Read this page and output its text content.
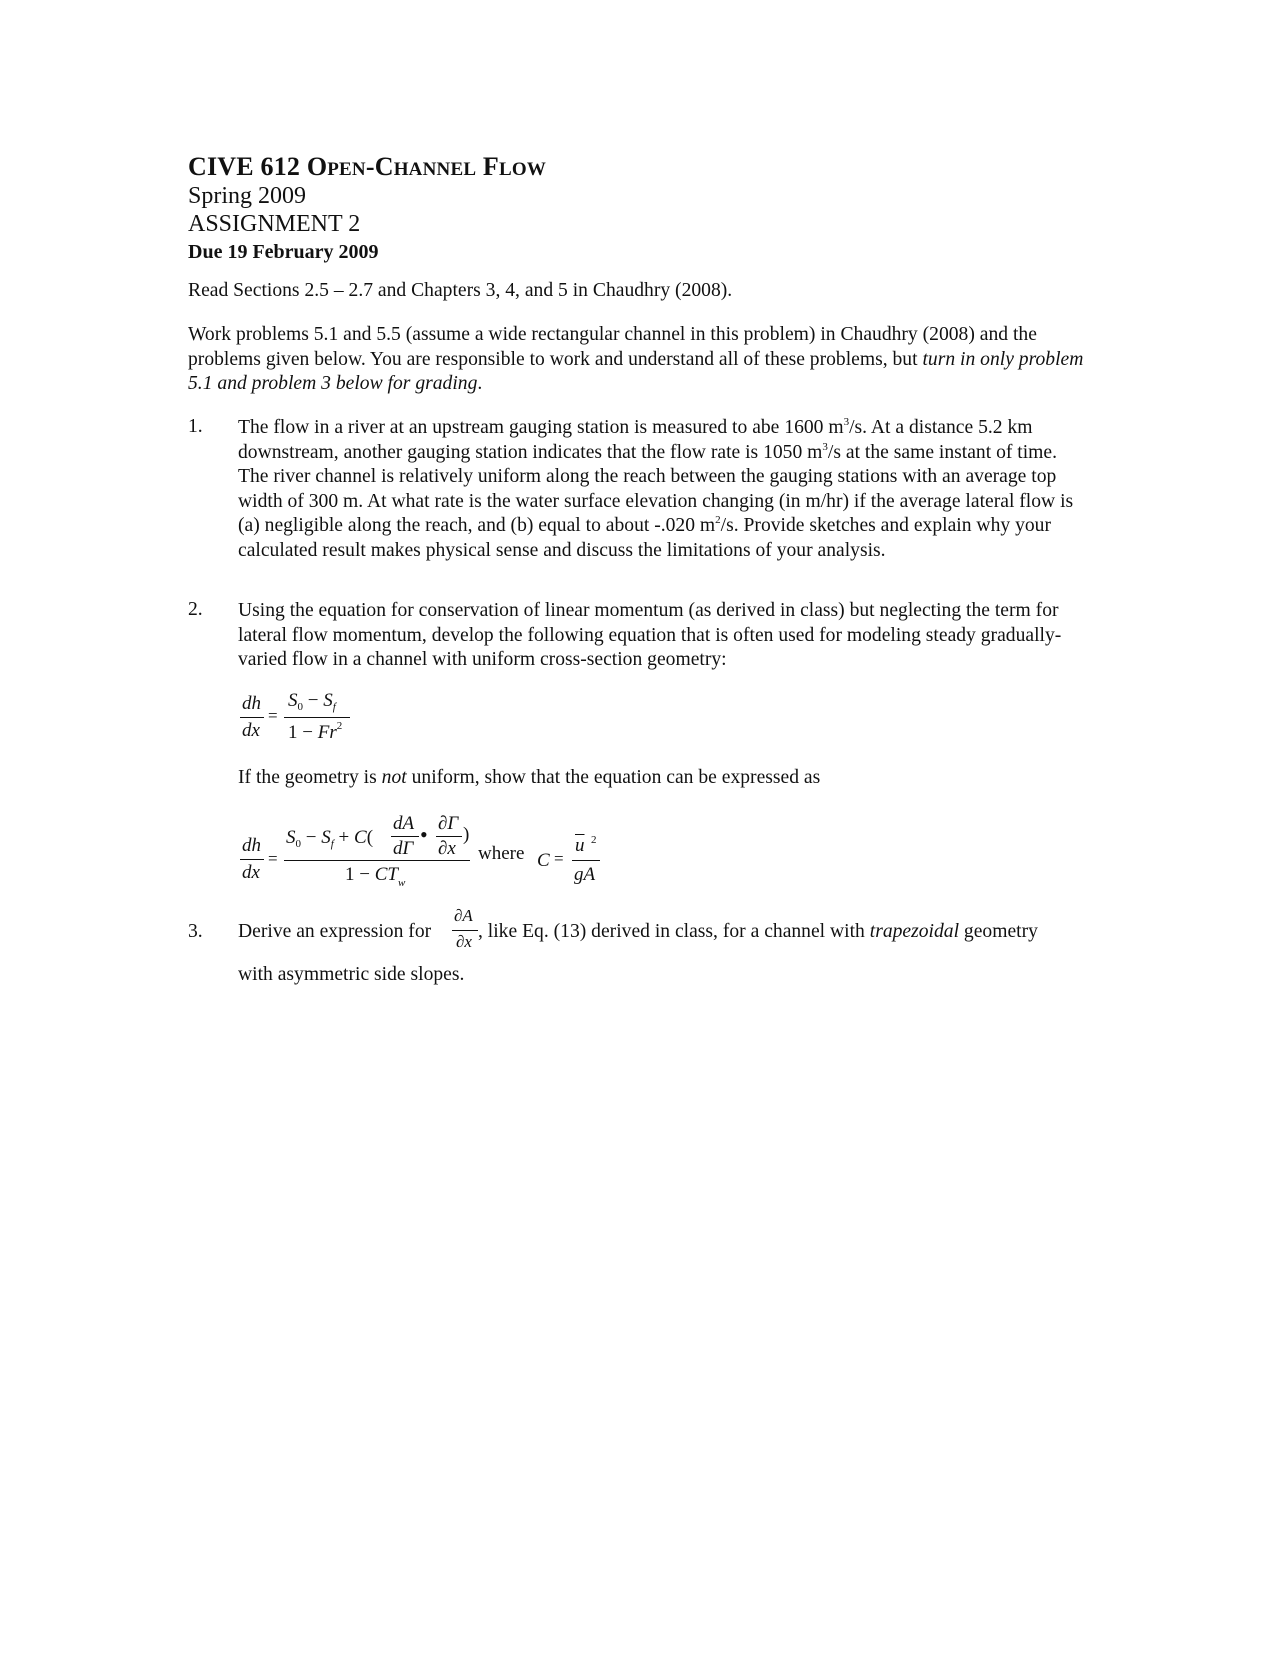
CIVE 612 OPEN-CHANNEL FLOW
Spring 2009
ASSIGNMENT 2
Due 19 February 2009
Read Sections 2.5 – 2.7 and Chapters 3, 4, and 5 in Chaudhry (2008).
Work problems 5.1 and 5.5 (assume a wide rectangular channel in this problem) in Chaudhry (2008) and the problems given below. You are responsible to work and understand all of these problems, but turn in only problem 5.1 and problem 3 below for grading.
1. The flow in a river at an upstream gauging station is measured to abe 1600 $m^3/s$. At a distance 5.2 km downstream, another gauging station indicates that the flow rate is 1050 $m^3/s$ at the same instant of time. The river channel is relatively uniform along the reach between the gauging stations with an average top width of 300 m. At what rate is the water surface elevation changing (in m/hr) if the average lateral flow is (a) negligible along the reach, and (b) equal to about -.020 $m^2/s$. Provide sketches and explain why your calculated result makes physical sense and discuss the limitations of your analysis.
2. Using the equation for conservation of linear momentum (as derived in class) but neglecting the term for lateral flow momentum, develop the following equation that is often used for modeling steady gradually-varied flow in a channel with uniform cross-section geometry:
dh
dx
=
$S_0 - S_f$
$1 - Fr^2$
If the geometry is not uniform, show that the equation can be expressed as
dh
dx
=
$S_0 - S_f + C$(
dA
dΓ
• ∂Γ
∂x
)
$1 - CT_w$
where C =
$\overline{u}$ 2
gA
3. Derive an expression for
∂A
∂x , like Eq. (13) derived in class, for a channel with trapezoidal geometry
with asymmetric side slopes.
